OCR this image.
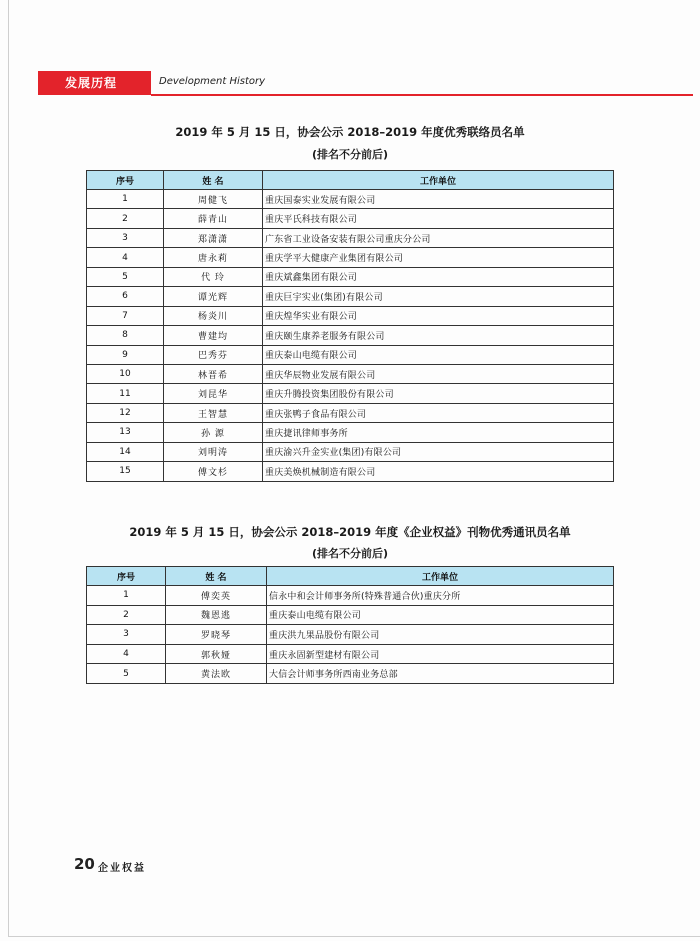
发展历程	Development History
2019 年 5 月 15 日，协会公示 2018–2019 年度优秀联络员名单
(排名不分前后)
序号	姓 名	工作单位
1	周健飞	重庆国泰实业发展有限公司
2	薛青山	重庆平氏科技有限公司
3	郑潇潇	广东省工业设备安装有限公司重庆分公司
4	唐永莉	重庆学平大健康产业集团有限公司
5	代 玲	重庆斌鑫集团有限公司
6	谭光辉	重庆巨宇实业(集团)有限公司
7	杨炎川	重庆煌华实业有限公司
8	曹建均	重庆颐生康养老服务有限公司
9	巴秀芬	重庆泰山电缆有限公司
10	林晋希	重庆华辰物业发展有限公司
11	刘昆华	重庆升腾投资集团股份有限公司
12	王智慧	重庆张鸭子食品有限公司
13	孙 源	重庆捷讯律师事务所
14	刘明涛	重庆渝兴升金实业(集团)有限公司
15	傅文杉	重庆美焕机械制造有限公司
2019 年 5 月 15 日，协会公示 2018–2019 年度《企业权益》刊物优秀通讯员名单
(排名不分前后)
序号	姓 名	工作单位
1	傅奕英	信永中和会计师事务所(特殊普通合伙)重庆分所
2	魏恩逃	重庆泰山电缆有限公司
3	罗晓琴	重庆洪九果品股份有限公司
4	郭秋娅	重庆永固新型建材有限公司
5	黄法欧	大信会计师事务所西南业务总部
20 企业权益
